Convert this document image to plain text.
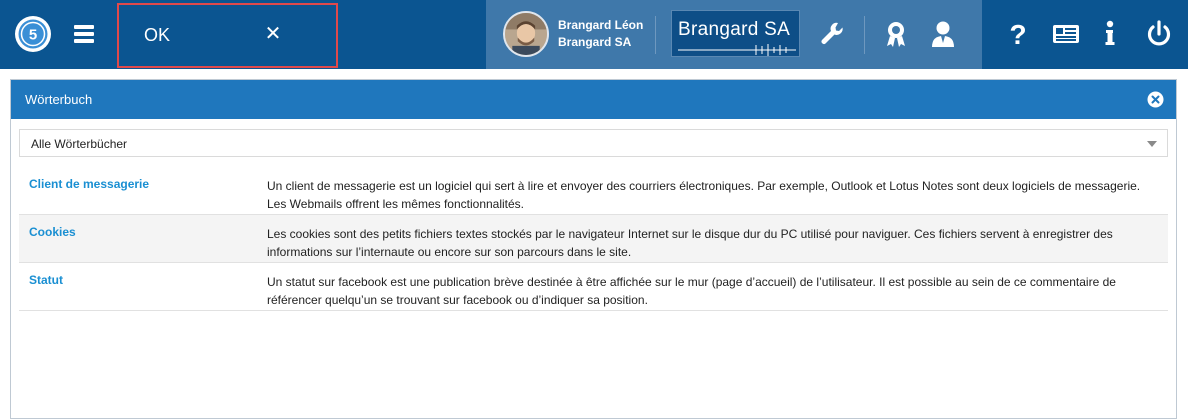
5	OK	✕	Brangard Léon
Brangard SA
Brangard SA	?
Wörterbuch
Alle Wörterbücher
Client de messagerie	Un client de messagerie est un logiciel qui sert à lire et envoyer des courriers électroniques. Par exemple, Outlook et Lotus Notes sont deux logiciels de messagerie. Les Webmails offrent les mêmes fonctionnalités.
Cookies	Les cookies sont des petits fichiers textes stockés par le navigateur Internet sur le disque dur du PC utilisé pour naviguer. Ces fichiers servent à enregistrer des informations sur l’internaute ou encore sur son parcours dans le site.
Statut	Un statut sur facebook est une publication brève destinée à être affichée sur le mur (page d’accueil) de l’utilisateur. Il est possible au sein de ce commentaire de référencer quelqu’un se trouvant sur facebook ou d’indiquer sa position.
